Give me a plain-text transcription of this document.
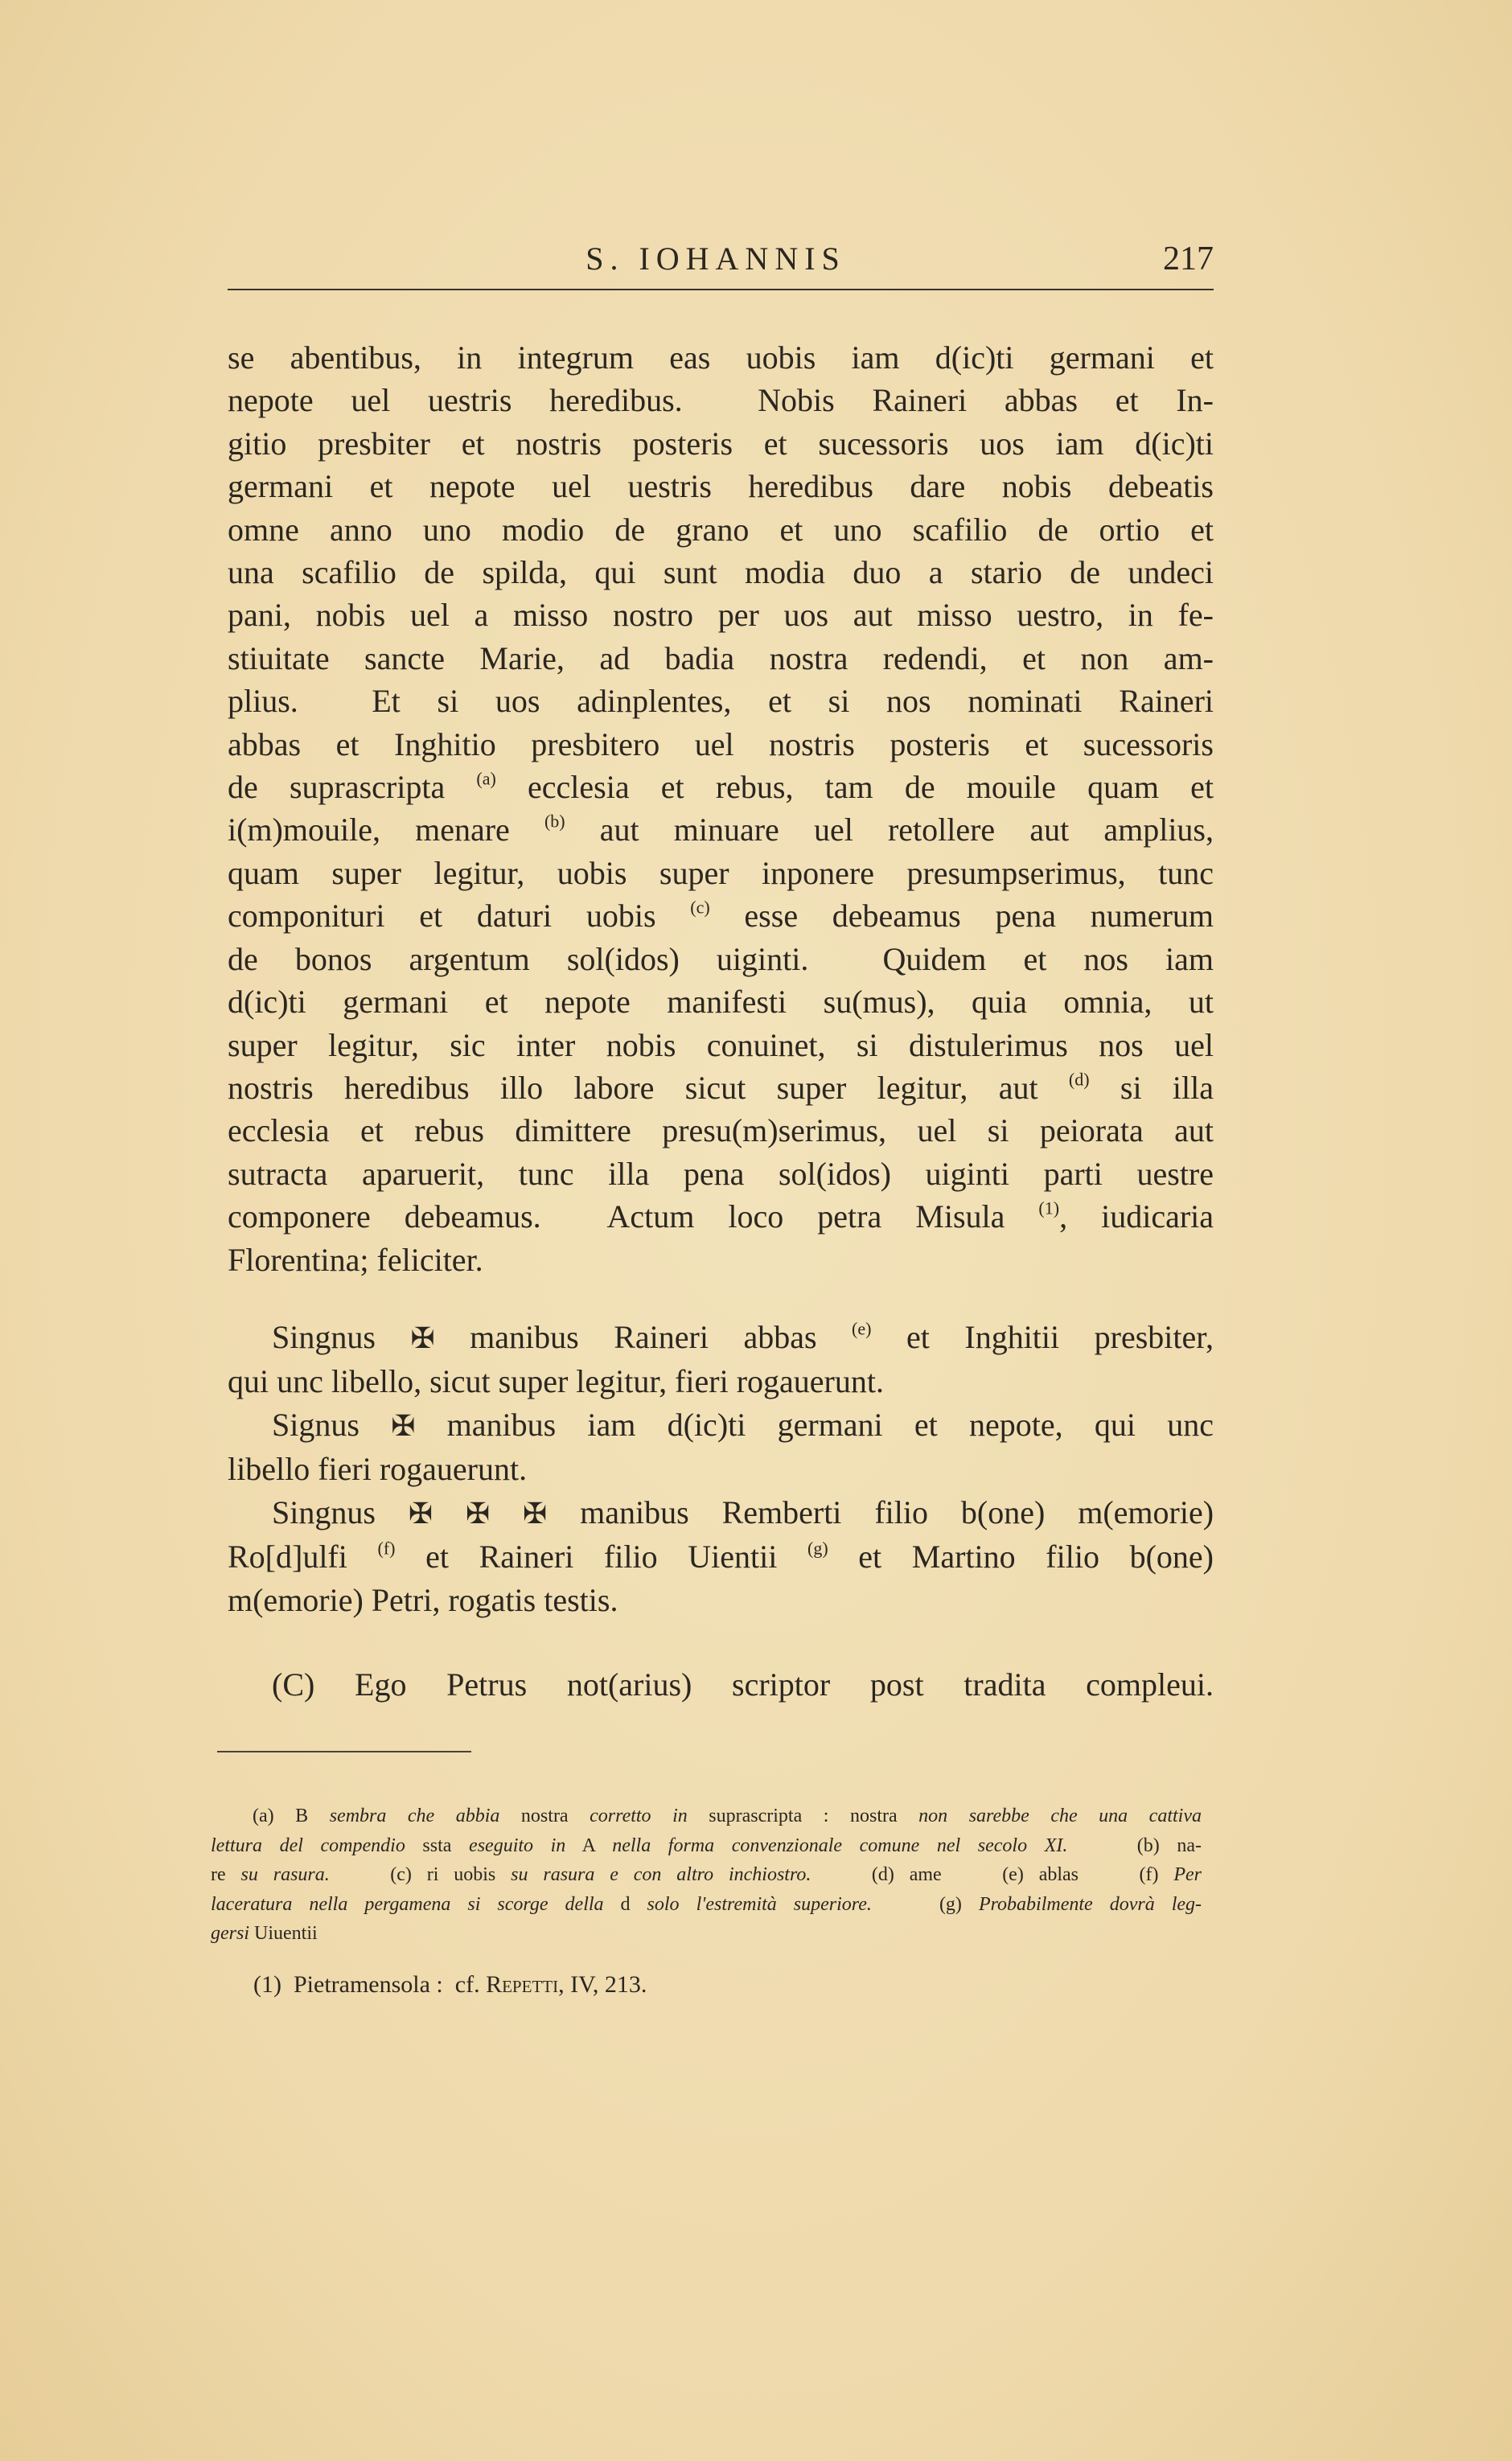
S. IOHANNIS	217
se abentibus, in integrum eas uobis iam d(ic)ti germani et
nepote uel uestris heredibus.  Nobis Raineri abbas et In-
gitio presbiter et nostris posteris et sucessoris uos iam d(ic)ti
germani et nepote uel uestris heredibus dare nobis debeatis
omne anno uno modio de grano et uno scafilio de ortio et
una scafilio de spilda, qui sunt modia duo a stario de undeci
pani, nobis uel a misso nostro per uos aut misso uestro, in fe-
stiuitate sancte Marie, ad badia nostra redendi, et non am-
plius.  Et si uos adinplentes, et si nos nominati Raineri
abbas et Inghitio presbitero uel nostris posteris et sucessoris
de suprascripta $^{(a)}$ ecclesia et rebus, tam de mouile quam et
i(m)mouile, menare $^{(b)}$ aut minuare uel retollere aut amplius,
quam super legitur, uobis super inponere presumpserimus, tunc
componituri et daturi uobis $^{(c)}$ esse debeamus pena numerum
de bonos argentum sol(idos) uiginti.  Quidem et nos iam
d(ic)ti germani et nepote manifesti su(mus), quia omnia, ut
super legitur, sic inter nobis conuinet, si distulerimus nos uel
nostris heredibus illo labore sicut super legitur, aut $^{(d)}$ si illa
ecclesia et rebus dimittere presu(m)serimus, uel si peiorata aut
sutracta aparuerit, tunc illa pena sol(idos) uiginti parti uestre
componere debeamus.  Actum loco petra Misula $^{(1)}$, iudicaria
Florentina; feliciter.
Singnus ✠ manibus Raineri abbas $^{(e)}$ et Inghitii presbiter,
qui unc libello, sicut super legitur, fieri rogauerunt.
Signus ✠ manibus iam d(ic)ti germani et nepote, qui unc
libello fieri rogauerunt.
Singnus ✠ ✠ ✠ manibus Remberti filio b(one) m(emorie)
Ro[d]ulfi $^{(f)}$ et Raineri filio Uientii $^{(g)}$ et Martino filio b(one)
m(emorie) Petri, rogatis testis.
(C) Ego Petrus not(arius) scriptor post tradita compleui.
(a) B sembra che abbia nostra corretto in suprascripta : nostra non sarebbe che una cattiva
lettura del compendio ssta eseguito in A nella forma convenzionale comune nel secolo XI.    (b) na-
re su rasura.    (c) ri uobis su rasura e con altro inchiostro.    (d) ame    (e) ablas    (f) Per
laceratura nella pergamena si scorge della d solo l'estremità superiore.    (g) Probabilmente dovrà leg-
gersi Uiuentii
(1) Pietramensola : cf. Repetti, IV, 213.
